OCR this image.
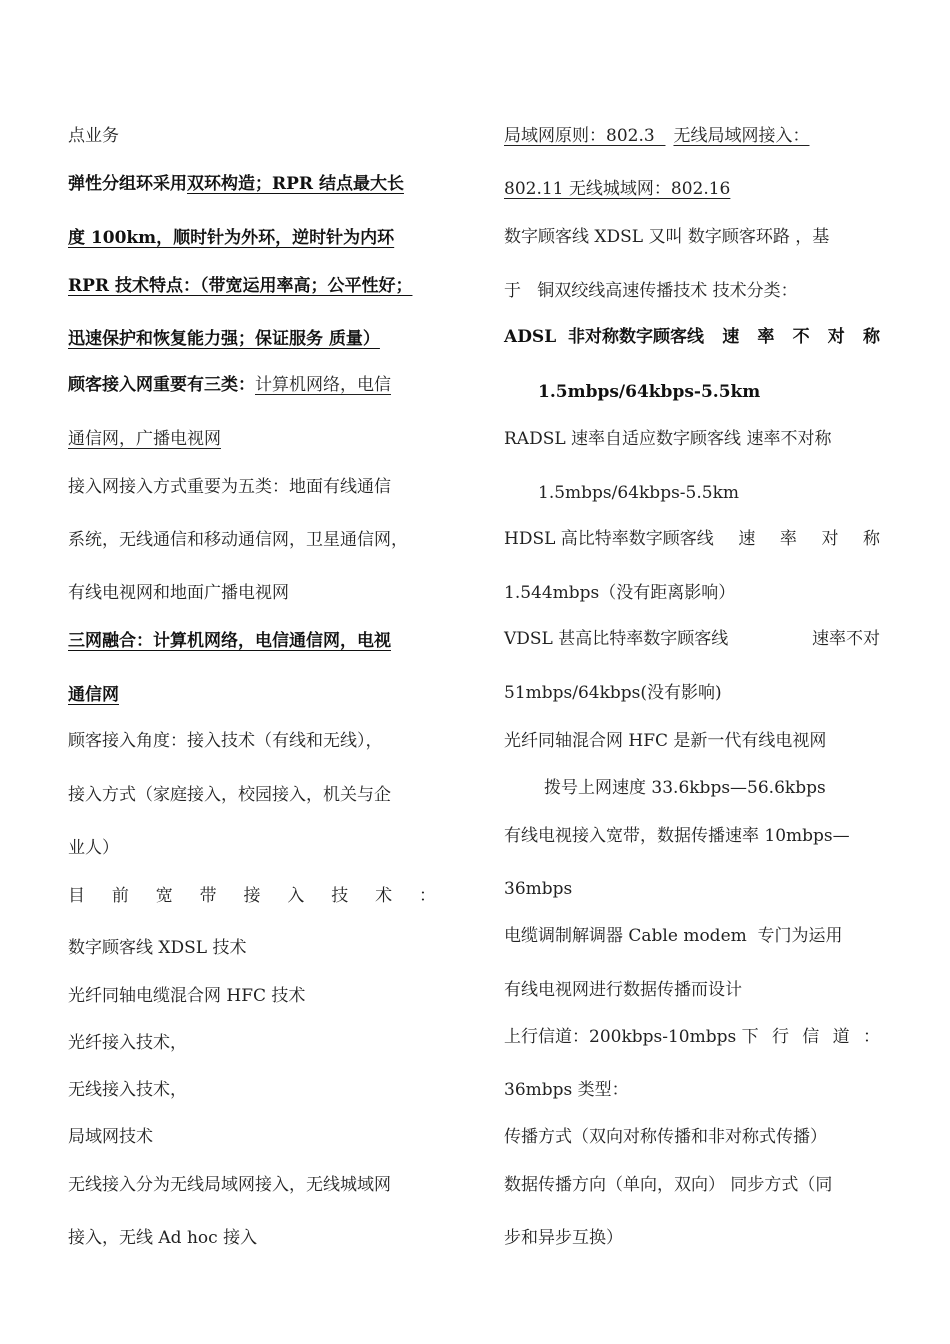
点业务
弹性分组环采用双环构造；RPR 结点最大长
度 100km，顺时针为外环，逆时针为内环
RPR 技术特点：（带宽运用率高；公平性好；
迅速保护和恢复能力强；保证服务 质量）
顾客接入网重要有三类：计算机网络，电信
通信网，广播电视网
接入网接入方式重要为五类：地面有线通信
系统，无线通信和移动通信网，卫星通信网，
有线电视网和地面广播电视网
三网融合：计算机网络，电信通信网，电视
通信网
顾客接入角度：接入技术（有线和无线），
接入方式（家庭接入，校园接入，机关与企
业人）
目 前 宽 带 接 入 技 术 ：
数字顾客线 XDSL 技术
光纤同轴电缆混合网 HFC 技术
光纤接入技术，
无线接入技术，
局域网技术
无线接入分为无线局域网接入，无线城域网
接入，无线 Ad hoc 接入
局域网原则：802.3  无线局域网接入：
802.11 无线城域网：802.16
数字顾客线 XDSL 又叫 数字顾客环路 ，基
于   铜双绞线高速传播技术 技术分类：
ADSL  非对称数字顾客线 速 率 不 对 称
1.5mbps/64kbps-5.5km
RADSL 速率自适应数字顾客线 速率不对称
1.5mbps/64kbps-5.5km
HDSL 高比特率数字顾客线 速 率 对 称
1.544mbps（没有距离影响）
VDSL 甚高比特率数字顾客线	速率不对
51mbps/64kbps(没有影响)
光纤同轴混合网 HFC 是新一代有线电视网
拨号上网速度 33.6kbps—56.6kbps
有线电视接入宽带，数据传播速率 10mbps—
36mbps
电缆调制解调器 Cable modem  专门为运用
有线电视网进行数据传播而设计
上行信道：200kbps-10mbps 下 行 信 道 ：
36mbps 类型：
传播方式（双向对称传播和非对称式传播）
数据传播方向（单向，双向） 同步方式（同
步和异步互换）
